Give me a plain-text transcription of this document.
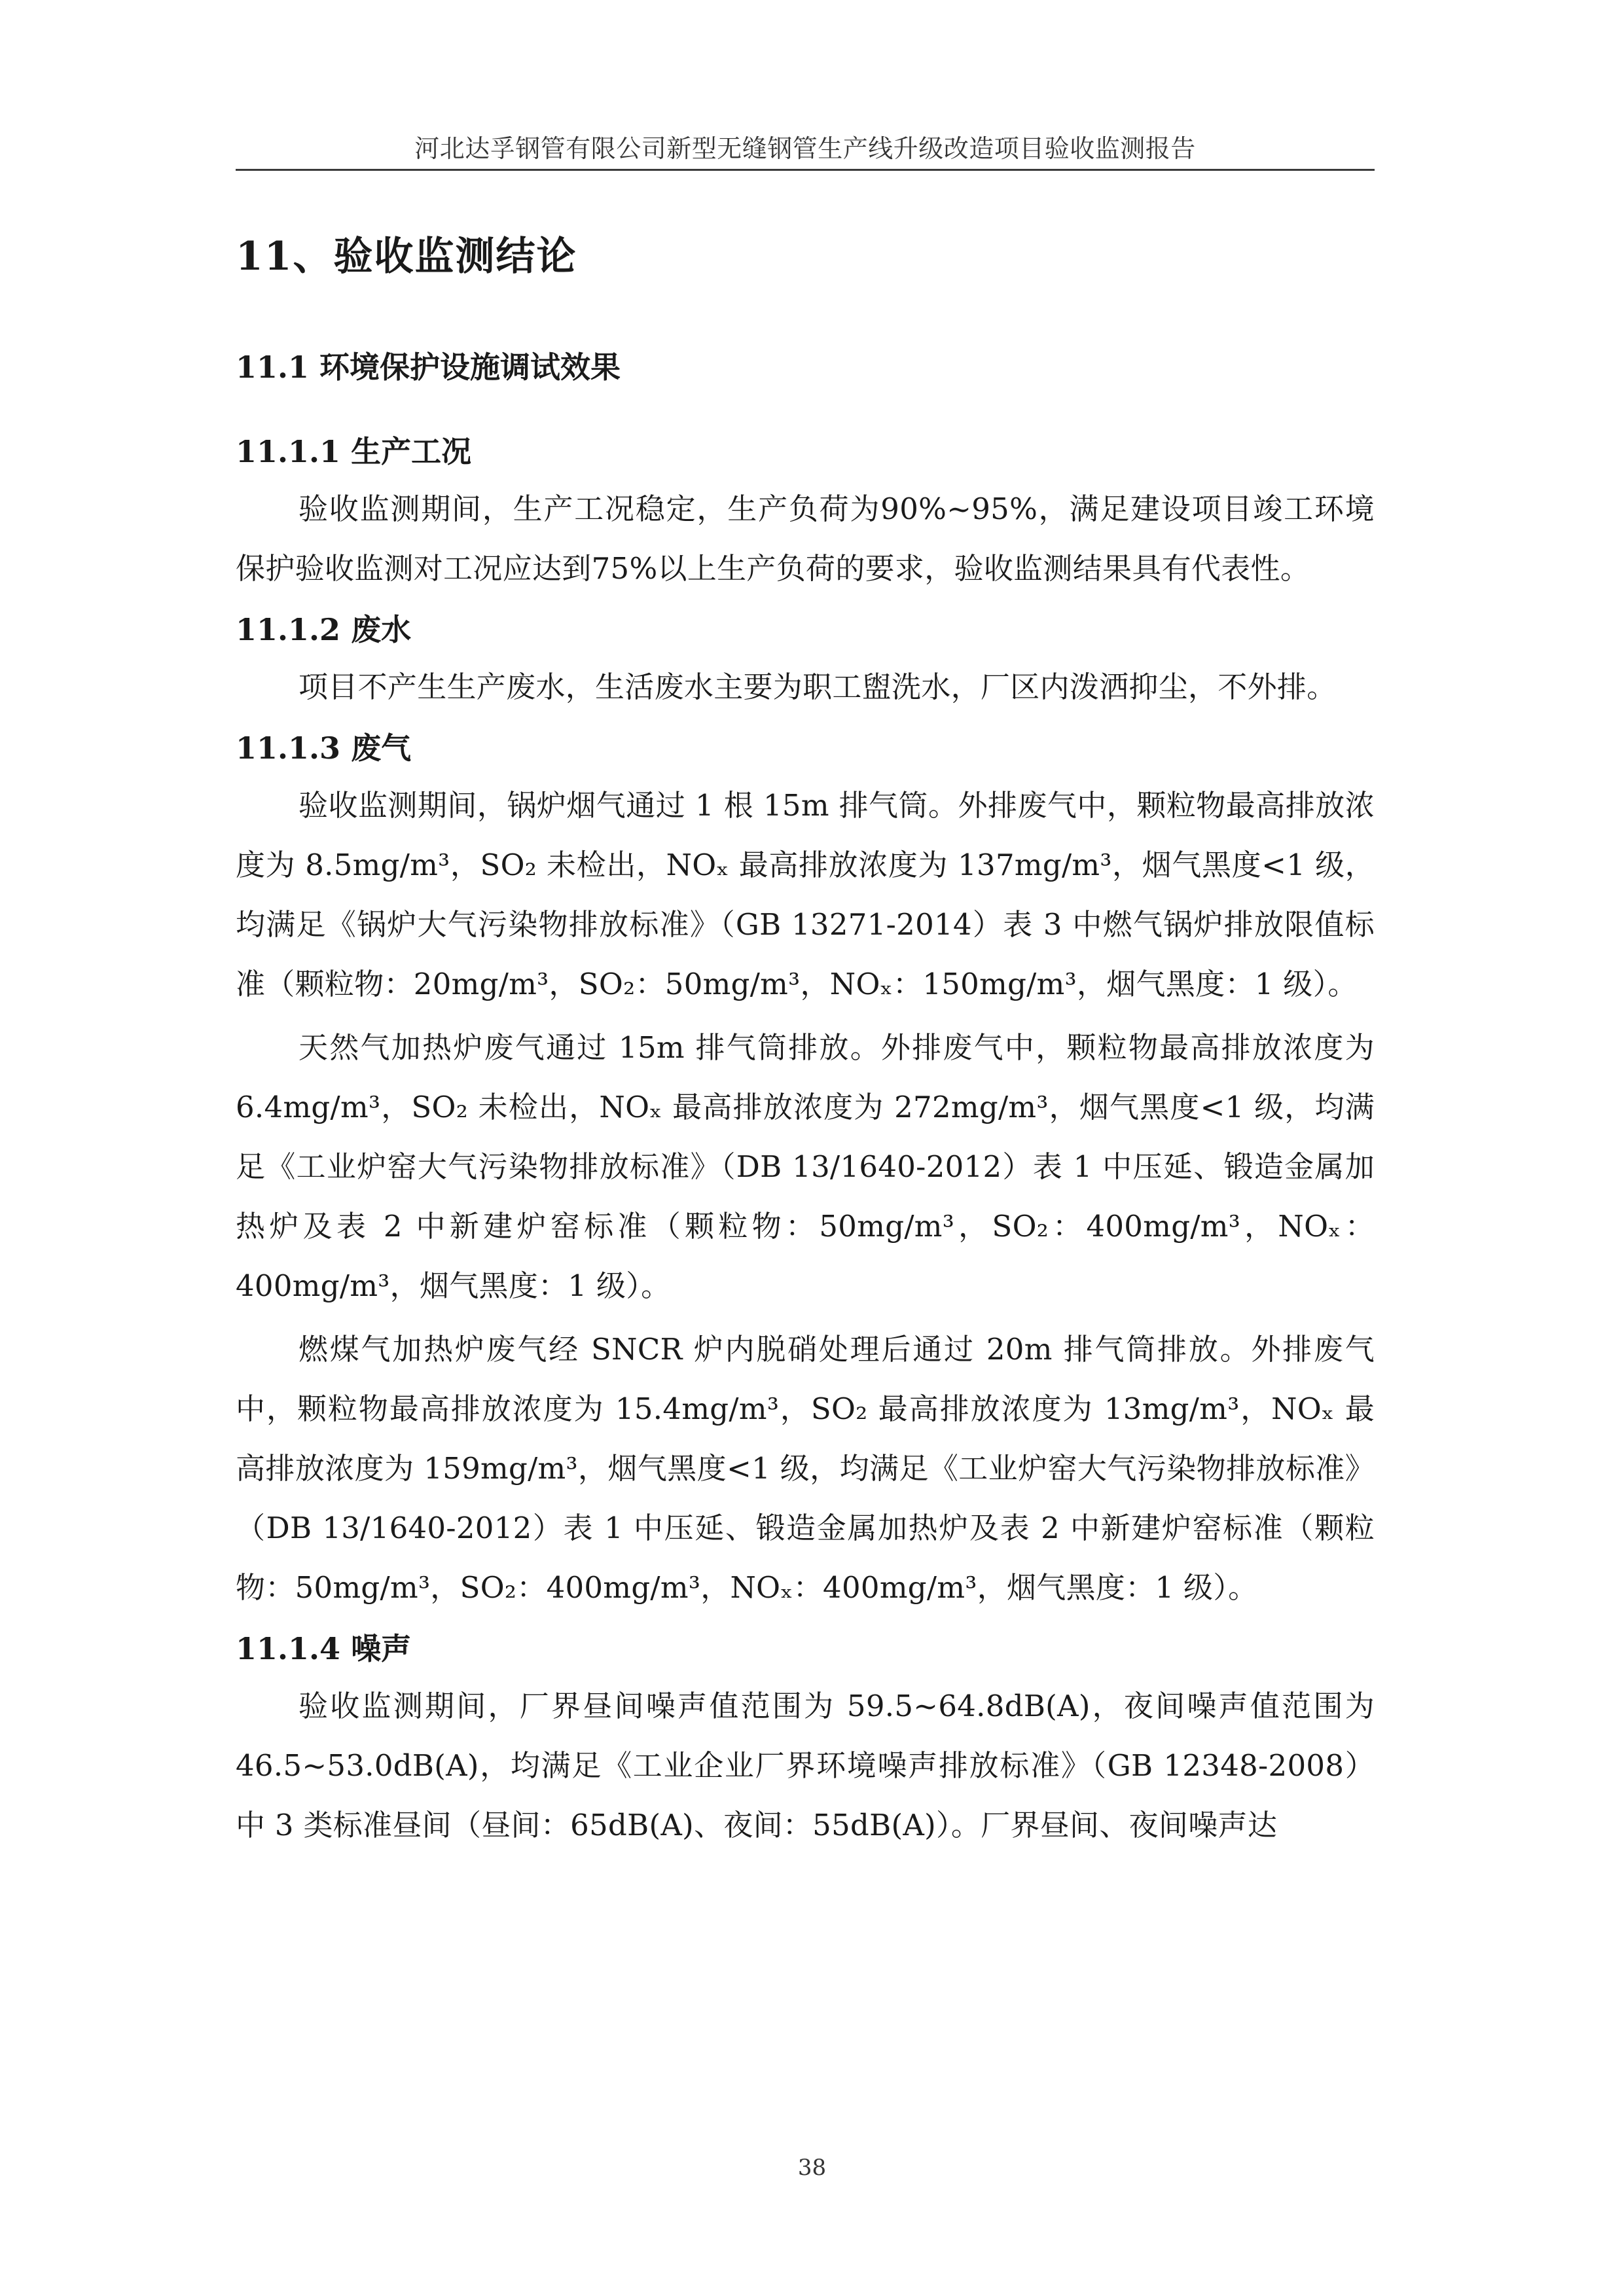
河北达孚钢管有限公司新型无缝钢管生产线升级改造项目验收监测报告
11、验收监测结论
11.1 环境保护设施调试效果
11.1.1 生产工况

验收监测期间，生产工况稳定，生产负荷为90%~95%，满足建设项目竣工环境保护验收监测对工况应达到75%以上生产负荷的要求，验收监测结果具有代表性。

11.1.2 废水

项目不产生生产废水，生活废水主要为职工盥洗水，厂区内泼洒抑尘，不外排。

11.1.3 废气

验收监测期间，锅炉烟气通过 1 根 15m 排气筒。外排废气中，颗粒物最高排放浓度为 8.5mg/m³，SO₂ 未检出，NOₓ 最高排放浓度为 137mg/m³，烟气黑度<1 级，均满足《锅炉大气污染物排放标准》（GB 13271-2014）表 3 中燃气锅炉排放限值标准（颗粒物：20mg/m³，SO₂：50mg/m³，NOₓ：150mg/m³，烟气黑度：1 级）。

天然气加热炉废气通过 15m 排气筒排放。外排废气中，颗粒物最高排放浓度为 6.4mg/m³，SO₂ 未检出，NOₓ 最高排放浓度为 272mg/m³，烟气黑度<1 级，均满足《工业炉窑大气污染物排放标准》（DB 13/1640-2012）表 1 中压延、锻造金属加热炉及表 2 中新建炉窑标准（颗粒物：50mg/m³，SO₂：400mg/m³，NOₓ：400mg/m³，烟气黑度：1 级）。

燃煤气加热炉废气经 SNCR 炉内脱硝处理后通过 20m 排气筒排放。外排废气中，颗粒物最高排放浓度为 15.4mg/m³，SO₂ 最高排放浓度为 13mg/m³，NOₓ 最高排放浓度为 159mg/m³，烟气黑度<1 级，均满足《工业炉窑大气污染物排放标准》（DB 13/1640-2012）表 1 中压延、锻造金属加热炉及表 2 中新建炉窑标准（颗粒物：50mg/m³，SO₂：400mg/m³，NOₓ：400mg/m³，烟气黑度：1 级）。

11.1.4 噪声

验收监测期间，厂界昼间噪声值范围为 59.5~64.8dB(A)，夜间噪声值范围为 46.5~53.0dB(A)，均满足《工业企业厂界环境噪声排放标准》（GB 12348-2008）中 3 类标准昼间（昼间：65dB(A)、夜间：55dB(A)）。厂界昼间、夜间噪声达

38
